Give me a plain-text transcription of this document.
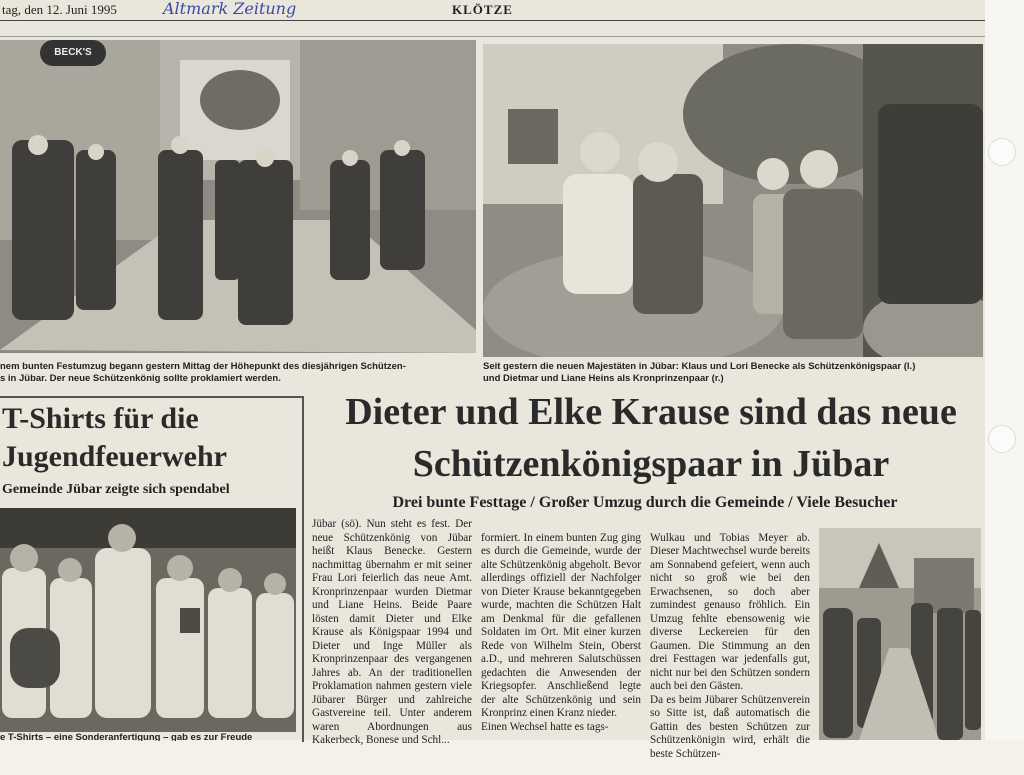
tag, den 12. Juni 1995	Altmark Zeitung	KLÖTZE
BECK'S
nem bunten Festumzug begann gestern Mittag der Höhepunkt des diesjährigen Schützen-
s in Jübar. Der neue Schützenkönig sollte proklamiert werden.
Seit gestern die neuen Majestäten in Jübar: Klaus und Lori Benecke als Schützenkönigspaar (l.)
und Dietmar und Liane Heins als Kronprinzenpaar (r.)
T-Shirts für die Jugendfeuerwehr
Gemeinde Jübar zeigte sich spendabel
e T-Shirts – eine Sonderanfertigung – gab es zur Freude
Dieter und Elke Krause sind das neue Schützenkönigspaar in Jübar
Drei bunte Festtage / Großer Umzug durch die Gemeinde / Viele Besucher

Jübar (sö). Nun steht es fest. Der neue Schützenkönig von Jübar heißt Klaus Benecke. Gestern nachmittag übernahm er mit seiner Frau Lori feierlich das neue Amt. Kronprinzenpaar wurden Dietmar und Liane Heins. Beide Paare lösten damit Dieter und Elke Krause als Königspaar 1994 und Dieter und Inge Müller als Kronprinzenpaar des vergangenen Jahres ab. An der traditionellen Proklamation nahmen gestern viele Jübarer Bürger und zahlreiche Gastvereine teil. Unter anderem waren Abordnungen aus Kakerbeck, Bonese und Schl...

formiert. In einem bunten Zug ging es durch die Gemeinde, wurde der alte Schützenkönig abgeholt. Bevor allerdings offiziell der Nachfolger von Dieter Krause bekanntgegeben wurde, machten die Schützen Halt am Denkmal für die gefallenen Soldaten im Ort. Mit einer kurzen Rede von Wilhelm Stein, Oberst a.D., und mehreren Salutschüssen gedachten die Anwesenden der Kriegsopfer. Anschließend legte der alte Schützenkönig und sein Kronprinz einen Kranz nieder.
Einen Wechsel hatte es tags-

Wulkau und Tobias Meyer ab. Dieser Machtwechsel wurde bereits am Sonnabend gefeiert, wenn auch nicht so groß wie bei den Erwachsenen, so doch aber zumindest genauso fröhlich. Ein Umzug fehlte ebensowenig wie diverse Leckereien für den Gaumen. Die Stimmung an den drei Festtagen war jedenfalls gut, nicht nur bei den Schützen sondern auch bei den Gästen.
Da es beim Jübarer Schützenverein so Sitte ist, daß automatisch die Gattin des besten Schützen zur Schützenkönigin wird, erhält die beste Schützen-
